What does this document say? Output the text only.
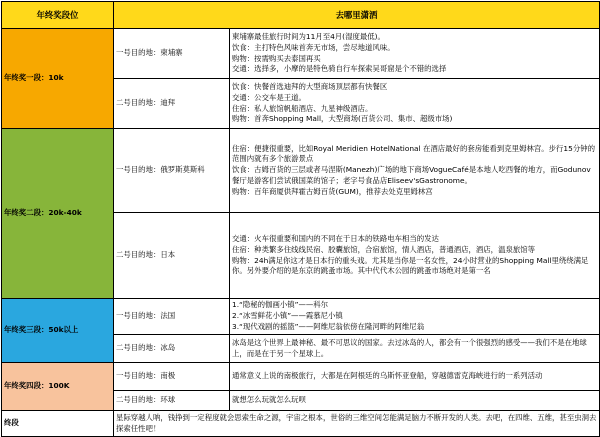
年终奖段位	去哪里潇洒	
年终奖一段：10k	一号目的地：柬埔寨	柬埔寨最佳旅行时间为11月至4月(湿度最低)。
饮食：主打特色风味首奔无市场，尝尽地道风味。
购物：按需购买去泰国再买
交通：选择多，小摩的是特色骑自行车探索吴哥窟是个不错的选择

	二号目的地：迪拜	饮食：快餐首选迪拜的大型商场顶层都有快餐区
交通：公交车是王道。
住宿：私人旅馆帆船酒店、九星神级酒店。
购物：首奔Shopping Mall，大型商场(百货公司、集市、超级市场)

年终奖二段：20k-40k	一号目的地：俄罗斯莫斯科	住宿：便捷很重要，比如Royal Meridien HotelNational 在酒店最好的套房能看到克里姆林宫。步行15分钟的范围内就有多个旅游景点
饮食：古姆百货的三层或者马涅斯(Manezh)广场的地下商场VogueCafé是本地人吃西餐的地方，而Godunov餐厅是游客们尝试俄国菜的馆子；老字号食品店Eliseev'sGastronome。
购物：百年商厦供拜霍古姆百货(GUM)，推荐去处克里姆林宫

	二号目的地：日本	交通：火车很重要和国内的不同在于日本的铁路电车相当的发达
住宿：种类繁多住线线民宿、胶囊旅馆，合宿旅馆，情人酒店，普通酒店，酒店，温泉旅馆等
购物：24h满足你这才是日本行的重头戏。尤其是当你是一名女性，24小时营业的Shopping Mall里绕绕满足你。另外要介绍的是东京的跳蚤市场。其中代代木公园的跳蚤市场绝对是第一名

年终奖三段：50k以上	一号目的地：法国	1.“隐秘的伽画小镇”——科尔
2.“冰雪鲜花小镇”——霞慕尼小镇
3.“现代戏剧的摇篮”——阿维尼翁依傍在隆河畔的阿维尼翁

	二号目的地：冰岛	冰岛是这个世界上最神秘、最不可思议的国家。去过冰岛的人，都会有一个很强烈的感受——我们不是在地球上，而是在于另一个星球上。

年终奖四段：100K	一号目的地：南极	通常意义上说的南极旅行，大都是在阿根廷的乌斯怀亚登船，穿越德雷克海峡进行的一系列活动

	二号目的地：环球	就想怎么玩就怎么玩呗

终段	星际穿越人呐，钱挣到一定程度就会思索生命之源，宇宙之根本，世俗的三维空间怎能满足脑力不断开发的人类。去吧，在四维、五维，甚至虫洞去探索任性吧！	
